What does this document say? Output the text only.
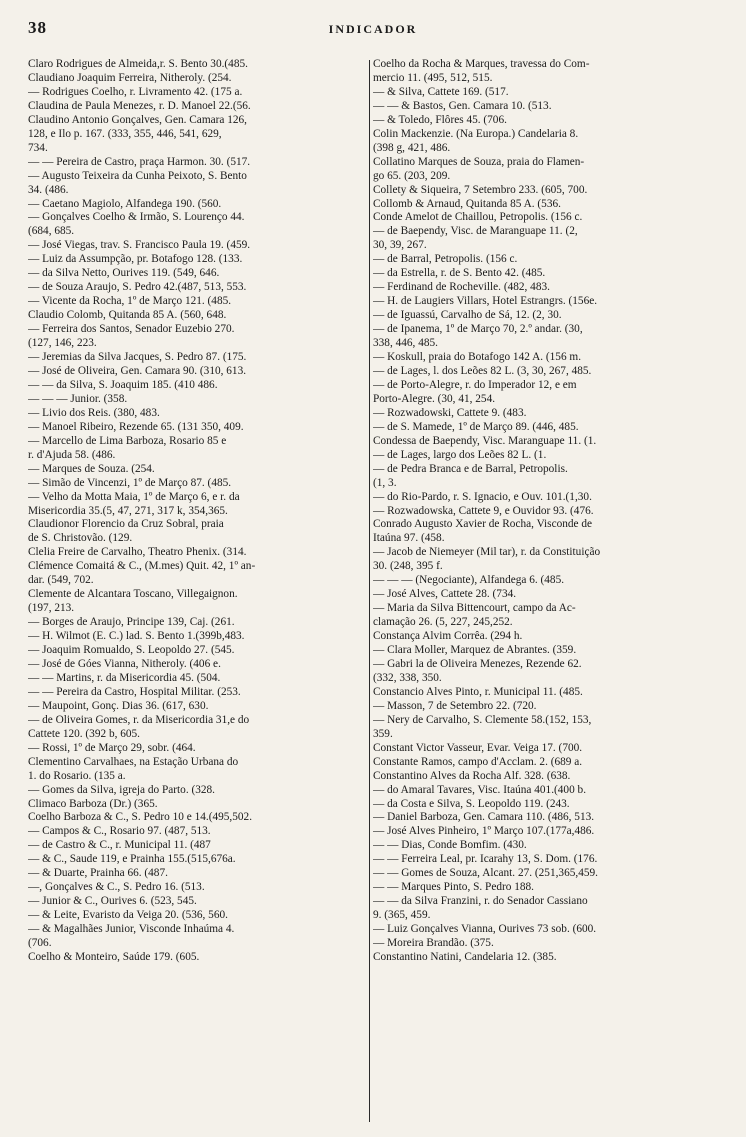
38	INDICADOR
Claro Rodrigues de Almeida,r. S. Bento 30.(485.
Claudiano Joaquim Ferreira, Nitheroly. (254.
— Rodrigues Coelho, r. Livramento 42. (175 a.
Claudina de Paula Menezes, r. D. Manoel 22.(56.
Claudino Antonio Gonçalves, Gen. Camara 126,
128, e Ilo p. 167. (333, 355, 446, 541, 629,
734.
— — Pereira de Castro, praça Harmon. 30. (517.
— Augusto Teixeira da Cunha Peixoto, S. Bento
34. (486.
— Caetano Magiolo, Alfandega 190. (560.
— Gonçalves Coelho & Irmão, S. Lourenço 44.
(684, 685.
— José Viegas, trav. S. Francisco Paula 19. (459.
— Luiz da Assumpção, pr. Botafogo 128. (133.
— da Silva Netto, Ourives 119. (549, 646.
— de Souza Araujo, S. Pedro 42.(487, 513, 553.
— Vicente da Rocha, 1º de Março 121. (485.
Claudio Colomb, Quitanda 85 A. (560, 648.
— Ferreira dos Santos, Senador Euzebio 270.
(127, 146, 223.
— Jeremias da Silva Jacques, S. Pedro 87. (175.
— José de Oliveira, Gen. Camara 90. (310, 613.
— — da Silva, S. Joaquim 185. (410 486.
— — — Junior. (358.
— Livio dos Reis. (380, 483.
— Manoel Ribeiro, Rezende 65. (131 350, 409.
— Marcello de Lima Barboza, Rosario 85 e
r. d'Ajuda 58. (486.
— Marques de Souza. (254.
— Simão de Vincenzi, 1º de Março 87. (485.
— Velho da Motta Maia, 1º de Março 6, e r. da
Misericordia 35.(5, 47, 271, 317 k, 354,365.
Claudionor Florencio da Cruz Sobral, praia
de S. Christovão. (129.
Clelia Freire de Carvalho, Theatro Phenix. (314.
Clémence Comaitá & C., (M.mes) Quit. 42, 1º an-
dar. (549, 702.
Clemente de Alcantara Toscano, Villegaignon.
(197, 213.
— Borges de Araujo, Principe 139, Caj. (261.
— H. Wilmot (E. C.) lad. S. Bento 1.(399b,483.
— Joaquim Romualdo, S. Leopoldo 27. (545.
— José de Góes Vianna, Nitheroly. (406 e.
— — Martins, r. da Misericordia 45. (504.
— — Pereira da Castro, Hospital Militar. (253.
— Maupoint, Gonç. Dias 36. (617, 630.
— de Oliveira Gomes, r. da Misericordia 31,e do
Cattete 120. (392 b, 605.
— Rossi, 1º de Março 29, sobr. (464.
Clementino Carvalhaes, na Estação Urbana do
1. do Rosario. (135 a.
— Gomes da Silva, igreja do Parto. (328.
Climaco Barboza (Dr.) (365.
Coelho Barboza & C., S. Pedro 10 e 14.(495,502.
— Campos & C., Rosario 97. (487, 513.
— de Castro & C., r. Municipal 11. (487
— & C., Saude 119, e Prainha 155.(515,676a.
— & Duarte, Prainha 66. (487.
—, Gonçalves & C., S. Pedro 16. (513.
— Junior & C., Ourives 6. (523, 545.
— & Leite, Evaristo da Veiga 20. (536, 560.
— & Magalhães Junior, Visconde Inhaúma 4.
(706.
Coelho & Monteiro, Saúde 179. (605.
Coelho da Rocha & Marques, travessa do Com-
mercio 11. (495, 512, 515.
— & Silva, Cattete 169. (517.
— — & Bastos, Gen. Camara 10. (513.
— & Toledo, Flôres 45. (706.
Colin Mackenzie. (Na Europa.) Candelaria 8.
(398 g, 421, 486.
Collatino Marques de Souza, praia do Flamen-
go 65. (203, 209.
Collety & Siqueira, 7 Setembro 233. (605, 700.
Collomb & Arnaud, Quitanda 85 A. (536.
Conde Amelot de Chaillou, Petropolis. (156 c.
— de Baependy, Visc. de Maranguape 11. (2,
30, 39, 267.
— de Barral, Petropolis. (156 c.
— da Estrella, r. de S. Bento 42. (485.
— Ferdinand de Rocheville. (482, 483.
— H. de Laugiers Villars, Hotel Estrangrs. (156e.
— de Iguassú, Carvalho de Sá, 12. (2, 30.
— de Ipanema, 1º de Março 70, 2.º andar. (30,
338, 446, 485.
— Koskull, praia do Botafogo 142 A. (156 m.
— de Lages, l. dos Leões 82 L. (3, 30, 267, 485.
— de Porto-Alegre, r. do Imperador 12, e em
Porto-Alegre. (30, 41, 254.
— Rozwadowski, Cattete 9. (483.
— de S. Mamede, 1º de Março 89. (446, 485.
Condessa de Baependy, Visc. Maranguape 11. (1.
— de Lages, largo dos Leões 82 L. (1.
— de Pedra Branca e de Barral, Petropolis.
(1, 3.
— do Rio-Pardo, r. S. Ignacio, e Ouv. 101.(1,30.
— Rozwadowska, Cattete 9, e Ouvidor 93. (476.
Conrado Augusto Xavier de Rocha, Visconde de
Itaúna 97. (458.
— Jacob de Niemeyer (Mil tar), r. da Constituição
30. (248, 395 f.
— — — (Negociante), Alfandega 6. (485.
— José Alves, Cattete 28. (734.
— Maria da Silva Bittencourt, campo da Ac-
clamação 26. (5, 227, 245,252.
Constança Alvim Corrêa. (294 h.
— Clara Moller, Marquez de Abrantes. (359.
— Gabri la de Oliveira Menezes, Rezende 62.
(332, 338, 350.
Constancio Alves Pinto, r. Municipal 11. (485.
— Masson, 7 de Setembro 22. (720.
— Nery de Carvalho, S. Clemente 58.(152, 153,
359.
Constant Victor Vasseur, Evar. Veiga 17. (700.
Constante Ramos, campo d'Acclam. 2. (689 a.
Constantino Alves da Rocha Alf. 328. (638.
— do Amaral Tavares, Visc. Itaúna 401.(400 b.
— da Costa e Silva, S. Leopoldo 119. (243.
— Daniel Barboza, Gen. Camara 110. (486, 513.
— José Alves Pinheiro, 1º Março 107.(177a,486.
— — Dias, Conde Bomfim. (430.
— — Ferreira Leal, pr. Icarahy 13, S. Dom. (176.
— — Gomes de Souza, Alcant. 27. (251,365,459.
— — Marques Pinto, S. Pedro 188.
— — da Silva Franzini, r. do Senador Cassiano
9. (365, 459.
— Luiz Gonçalves Vianna, Ourives 73 sob. (600.
— Moreira Brandão. (375.
Constantino Natini, Candelaria 12. (385.
